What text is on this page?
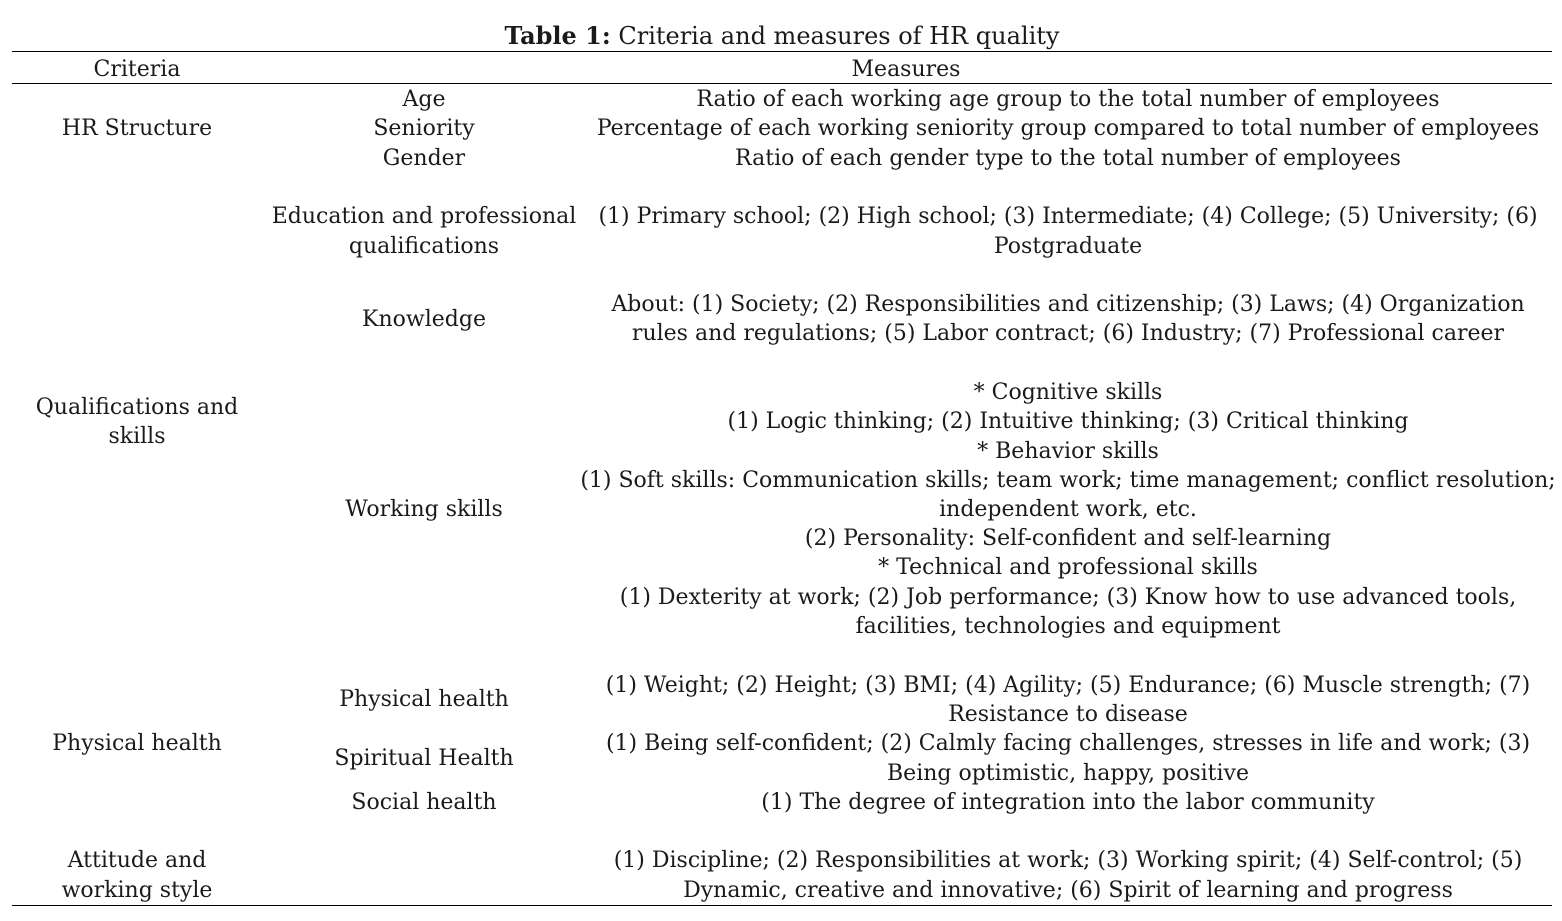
Table 1: Criteria and measures of HR quality
Criteria	Measures
HR Structure
Qualifications and
skills
Physical health
Attitude and
working style
Age
Seniority
Gender
Education and professional
qualifications
Knowledge
Working skills
Physical health
Spiritual Health
Social health
Ratio of each working age group to the total number of employees
Percentage of each working seniority group compared to total number of employees
Ratio of each gender type to the total number of employees
(1) Primary school; (2) High school; (3) Intermediate; (4) College; (5) University; (6)
Postgraduate
About: (1) Society; (2) Responsibilities and citizenship; (3) Laws; (4) Organization
rules and regulations; (5) Labor contract; (6) Industry; (7) Professional career
* Cognitive skills
(1) Logic thinking; (2) Intuitive thinking; (3) Critical thinking
* Behavior skills
(1) Soft skills: Communication skills; team work; time management; conflict resolution;
independent work, etc.
(2) Personality: Self-confident and self-learning
* Technical and professional skills
(1) Dexterity at work; (2) Job performance; (3) Know how to use advanced tools,
facilities, technologies and equipment
(1) Weight; (2) Height; (3) BMI; (4) Agility; (5) Endurance; (6) Muscle strength; (7)
Resistance to disease
(1) Being self-confident; (2) Calmly facing challenges, stresses in life and work; (3)
Being optimistic, happy, positive
(1) The degree of integration into the labor community
(1) Discipline; (2) Responsibilities at work; (3) Working spirit; (4) Self-control; (5)
Dynamic, creative and innovative; (6) Spirit of learning and progress
